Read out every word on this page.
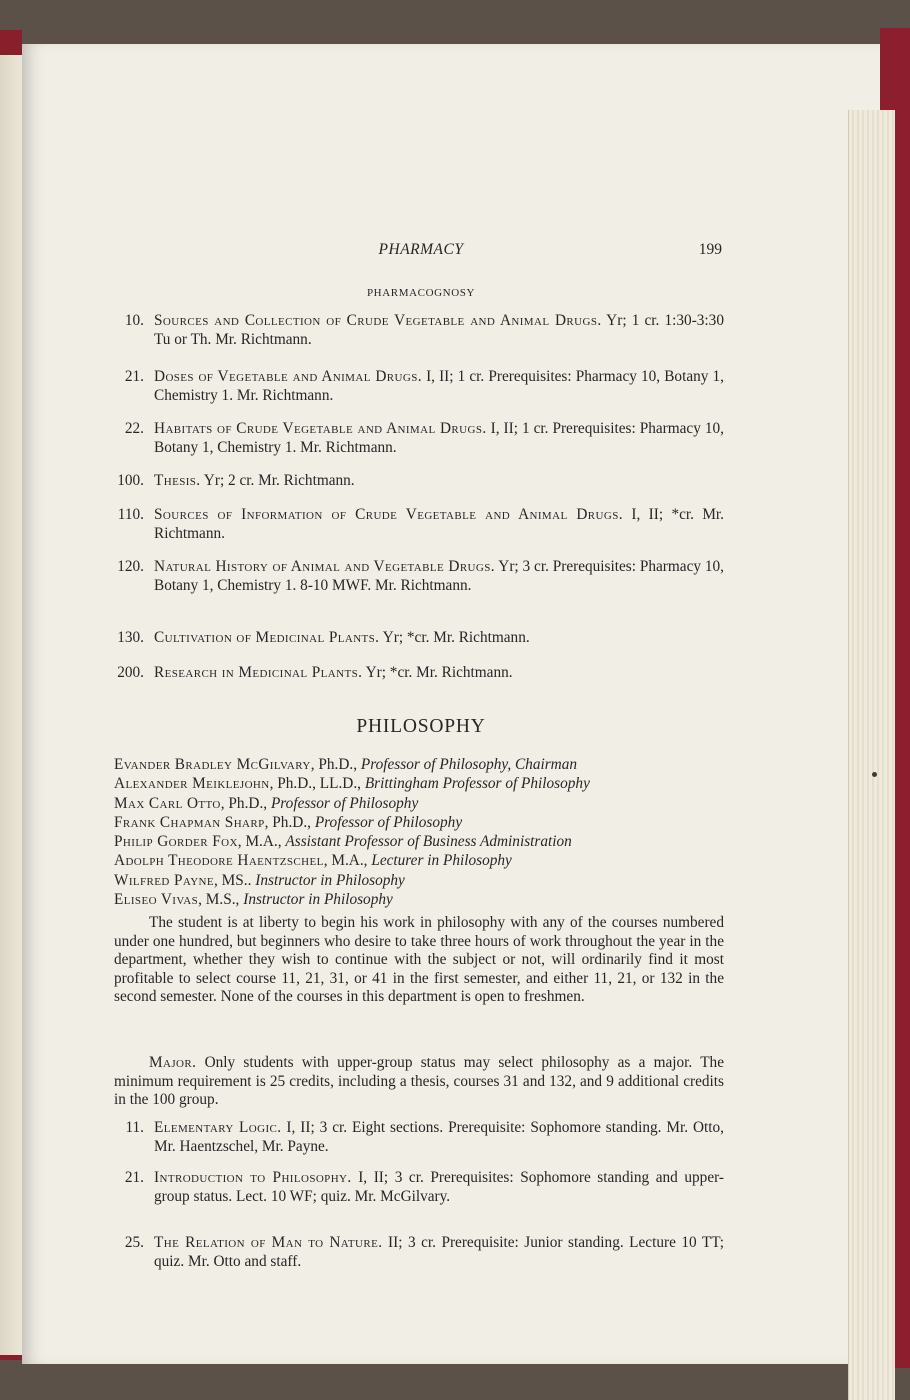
PHARMACY	199
PHARMACOGNOSY
10. Sources and Collection of Crude Vegetable and Animal Drugs. Yr; 1 cr. 1:30-3:30 Tu or Th. Mr. Richtmann.
21. Doses of Vegetable and Animal Drugs. I, II; 1 cr. Prerequisites: Pharmacy 10, Botany 1, Chemistry 1. Mr. Richtmann.
22. Habitats of Crude Vegetable and Animal Drugs. I, II; 1 cr. Prerequisites: Pharmacy 10, Botany 1, Chemistry 1. Mr. Richtmann.
100. Thesis. Yr; 2 cr. Mr. Richtmann.
110. Sources of Information of Crude Vegetable and Animal Drugs. I, II; *cr. Mr. Richtmann.
120. Natural History of Animal and Vegetable Drugs. Yr; 3 cr. Prerequisites: Pharmacy 10, Botany 1, Chemistry 1. 8-10 MWF. Mr. Richtmann.
130. Cultivation of Medicinal Plants. Yr; *cr. Mr. Richtmann.
200. Research in Medicinal Plants. Yr; *cr. Mr. Richtmann.
PHILOSOPHY
Evander Bradley McGilvary, Ph.D., Professor of Philosophy, Chairman
Alexander Meiklejohn, Ph.D., LL.D., Brittingham Professor of Philosophy
Max Carl Otto, Ph.D., Professor of Philosophy
Frank Chapman Sharp, Ph.D., Professor of Philosophy
Philip Gorder Fox, M.A., Assistant Professor of Business Administration
Adolph Theodore Haentzschel, M.A., Lecturer in Philosophy
Wilfred Payne, MS.. Instructor in Philosophy
Eliseo Vivas, M.S., Instructor in Philosophy
The student is at liberty to begin his work in philosophy with any of the courses numbered under one hundred, but beginners who desire to take three hours of work throughout the year in the department, whether they wish to continue with the subject or not, will ordinarily find it most profitable to select course 11, 21, 31, or 41 in the first semester, and either 11, 21, or 132 in the second semester. None of the courses in this department is open to freshmen.
Major. Only students with upper-group status may select philosophy as a major. The minimum requirement is 25 credits, including a thesis, courses 31 and 132, and 9 additional credits in the 100 group.
11. Elementary Logic. I, II; 3 cr. Eight sections. Prerequisite: Sophomore standing. Mr. Otto, Mr. Haentzschel, Mr. Payne.
21. Introduction to Philosophy. I, II; 3 cr. Prerequisites: Sophomore standing and upper-group status. Lect. 10 WF; quiz. Mr. McGilvary.
25. The Relation of Man to Nature. II; 3 cr. Prerequisite: Junior standing. Lecture 10 TT; quiz. Mr. Otto and staff.
